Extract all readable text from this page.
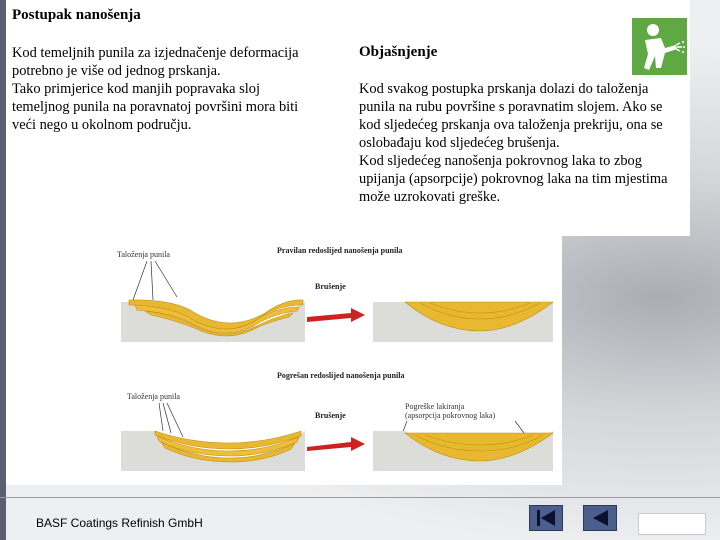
Postupak nanošenja

Kod temeljnih punila za izjednačenje deformacija potrebno je više od jednog prskanja.
Tako primjerice kod manjih popravaka sloj temeljnog punila na poravnatoj površini mora biti veći nego u okolnom području.

Objašnjenje

Kod svakog postupka prskanja dolazi do taloženja punila na rubu površine s poravnatim slojem. Ako se kod sljedećeg prskanja ova taloženja prekriju, ona se oslobađaju kod sljedećeg brušenja.
Kod sljedećeg nanošenja pokrovnog laka to zbog upijanja (apsorpcije) pokrovnog laka na tim mjestima može uzrokovati greške.

Taloženja punila	Pravilan redoslijed nanošenja punila
Brušenje
Taloženja punila
Pogrešan redoslijed nanošenja punila
Brušenje
Pogreške lakiranja
(apsorpcija pokrovnog laka)
BASF Coatings Refinish GmbH
